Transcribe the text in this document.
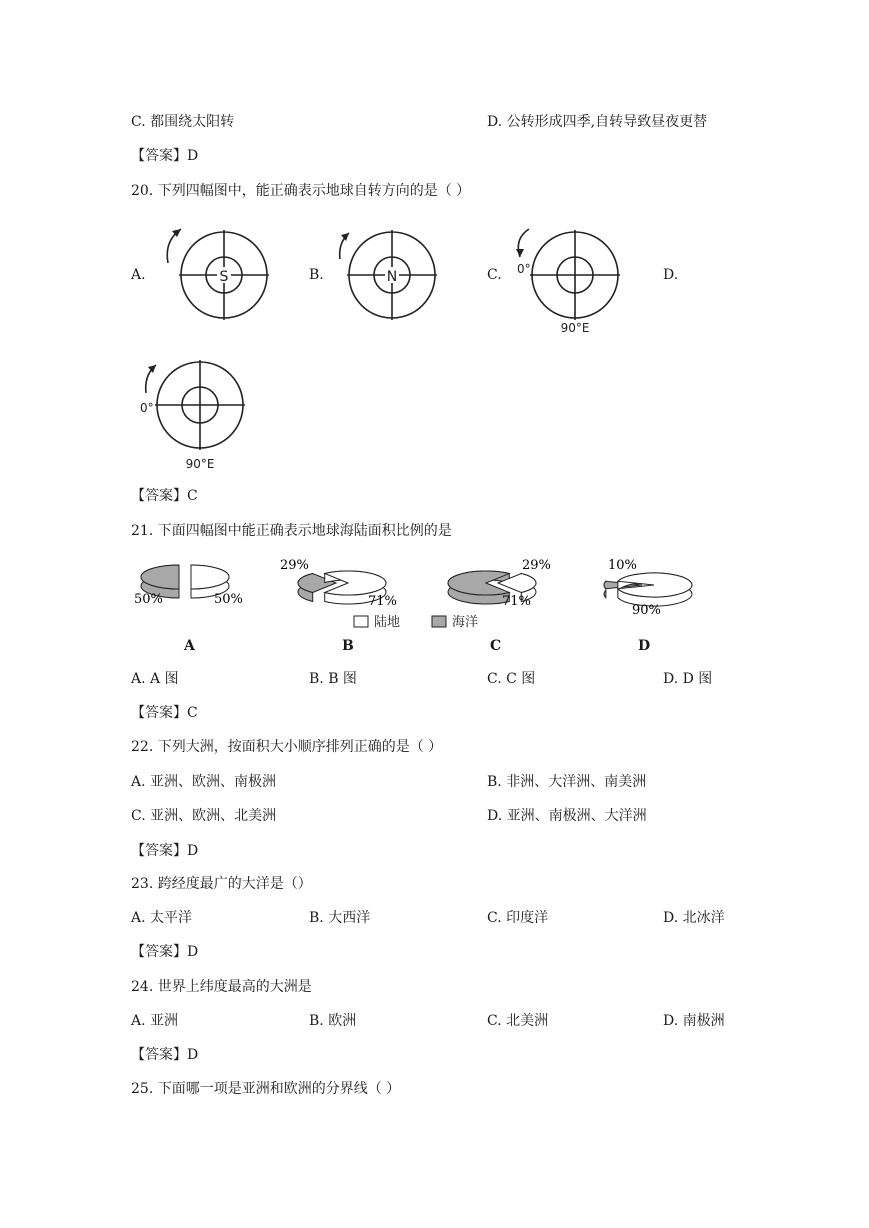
C. 都围绕太阳转	D. 公转形成四季,自转导致昼夜更替
【答案】D
20. 下列四幅图中，能正确表示地球自转方向的是（ ）
A.	S	B.	N	C. 0°
90°E
D.
0°
90°E
【答案】C
21. 下面四幅图中能正确表示地球海陆面积比例的是
50%	50%
29%
71%
29%
71%
10%
90%
陆地	海洋
A	B	C	D
A. A 图	B. B 图	C. C 图	D. D 图
【答案】C
22. 下列大洲，按面积大小顺序排列正确的是（ ）
A. 亚洲、欧洲、南极洲	B. 非洲、大洋洲、南美洲
C. 亚洲、欧洲、北美洲	D. 亚洲、南极洲、大洋洲
【答案】D
23. 跨经度最广的大洋是（）
A. 太平洋	B. 大西洋	C. 印度洋	D. 北冰洋
【答案】D
24. 世界上纬度最高的大洲是
A. 亚洲	B. 欧洲	C. 北美洲	D. 南极洲
【答案】D
25. 下面哪一项是亚洲和欧洲的分界线（ ）
